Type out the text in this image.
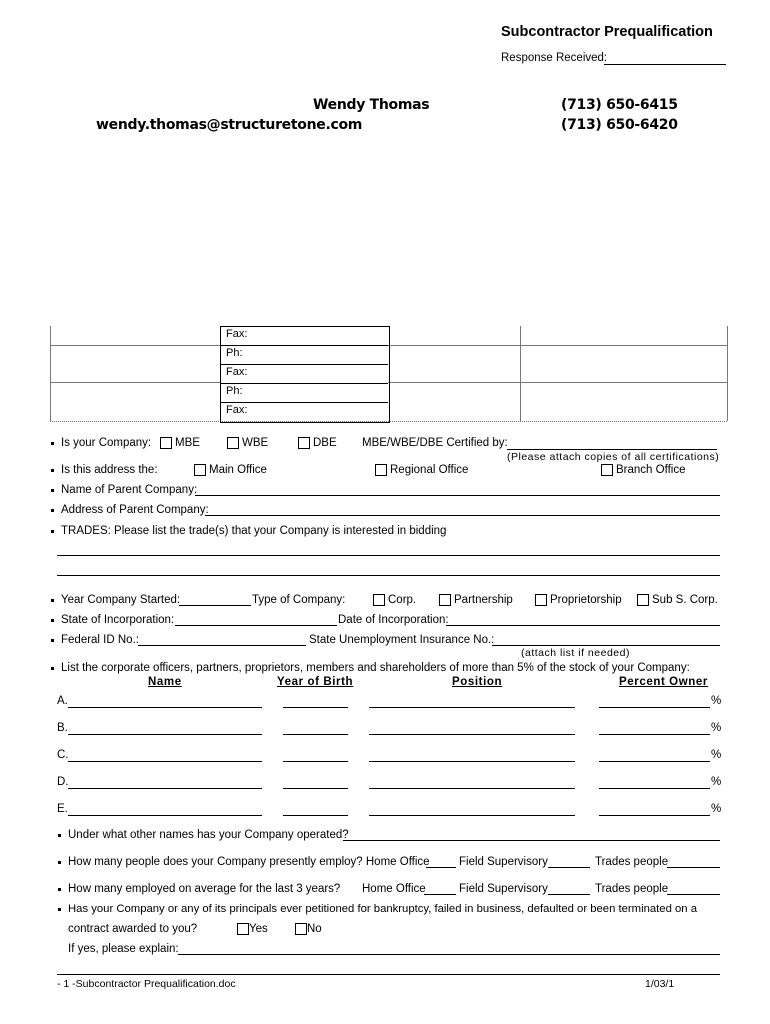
Subcontractor Prequalification
Response Received:
Wendy Thomas
wendy.thomas@structuretone.com
(713) 650-6415
(713) 650-6420
Fax:
Ph:
Fax:
Ph:
Fax:
Is your Company: MBE	WBE	DBE MBE/WBE/DBE Certified by:
(Please attach copies of all certifications)
Is this address the:	Main Office	Regional Office	Branch Office
Name of Parent Company:
Address of Parent Company:
TRADES: Please list the trade(s) that your Company is interested in bidding
Year Company Started:	Type of Company:	Corp.	Partnership	Proprietorship	Sub S. Corp.
State of Incorporation:	Date of Incorporation:
Federal ID No.:	State Unemployment Insurance No.:
(attach list if needed)
List the corporate officers, partners, proprietors, members and shareholders of more than 5% of the stock of your Company:
Name	Year of Birth	Position	Percent Owner
A.	%
B.	%
C.	%
D.	%
E.	%
Under what other names has your Company operated?
How many people does your Company presently employ? Home Office	Field Supervisory	Trades people
How many employed on average for the last 3 years? Home Office	Field Supervisory	Trades people
Has your Company or any of its principals ever petitioned for bankruptcy, failed in business, defaulted or been terminated on a
contract awarded to you?	Yes	No
If yes, please explain:
- 1 -Subcontractor Prequalification.doc	1/03/1
